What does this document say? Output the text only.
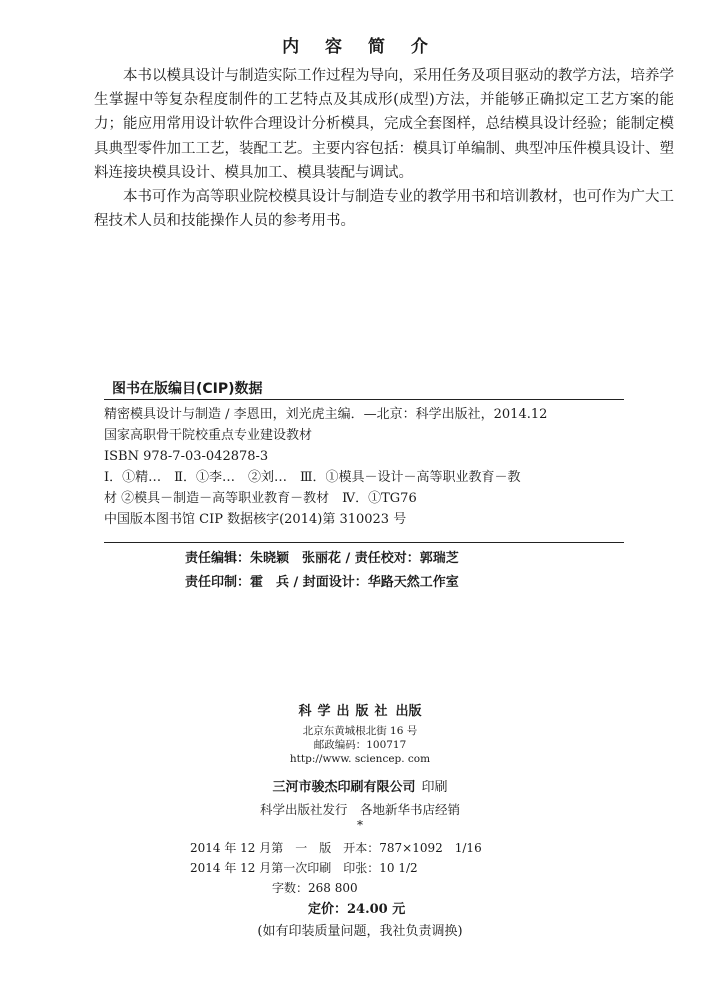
内 容 简 介

本书以模具设计与制造实际工作过程为导向，采用任务及项目驱动的教学方法，培养学生掌握中等复杂程度制件的工艺特点及其成形(成型)方法，并能够正确拟定工艺方案的能力；能应用常用设计软件合理设计分析模具，完成全套图样，总结模具设计经验；能制定模具典型零件加工工艺，装配工艺。主要内容包括：模具订单编制、典型冲压件模具设计、塑料连接块模具设计、模具加工、模具装配与调试。

本书可作为高等职业院校模具设计与制造专业的教学用书和培训教材，也可作为广大工程技术人员和技能操作人员的参考用书。

图书在版编目(CIP)数据
精密模具设计与制造 / 李恩田，刘光虎主编．—北京：科学出版社，2014.12
国家高职骨干院校重点专业建设教材
ISBN 978-7-03-042878-3
Ⅰ．①精…　Ⅱ．①李…　②刘…　Ⅲ．①模具－设计－高等职业教育－教
材 ②模具－制造－高等职业教育－教材　Ⅳ．①TG76
中国版本图书馆 CIP 数据核字(2014)第 310023 号
责任编辑：朱晓颖　张丽花 / 责任校对：郭瑞芝
责任印制：霍　兵 / 封面设计：华路天然工作室
科学出版社 出版
北京东黄城根北街 16 号
邮政编码：100717
http://www. sciencep. com
三河市骏杰印刷有限公司 印刷
科学出版社发行　各地新华书店经销
*
2014 年 12 月第　一　版　开本：787×1092　1/16
2014 年 12 月第一次印刷　印张：10 1/2
字数：268 800
定价：24.00 元
(如有印装质量问题，我社负责调换)
